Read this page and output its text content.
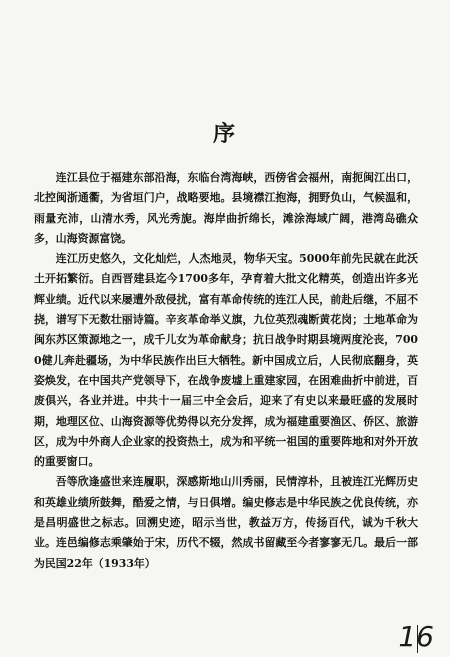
序

连江县位于福建东部沿海，东临台湾海峡，西傍省会福州，南扼闽江出口，北控闽浙通衢，为省垣门户，战略要地。县境襟江抱海，拥野负山，气候温和，雨量充沛，山清水秀，风光秀旎。海岸曲折绵长，滩涂海域广阔，港湾岛礁众多，山海资源富饶。

连江历史悠久，文化灿烂，人杰地灵，物华天宝。5000年前先民就在此沃土开拓繁衍。自西晋建县迄今1700多年，孕育着大批文化精英，创造出许多光辉业绩。近代以来屡遭外敌侵扰，富有革命传统的连江人民，前赴后继，不屈不挠，谱写下无数壮丽诗篇。辛亥革命举义旗，九位英烈魂断黄花岗；土地革命为闽东苏区策源地之一，成千儿女为革命献身；抗日战争时期县境两度沦丧，7000健儿奔赴疆场，为中华民族作出巨大牺牲。新中国成立后，人民彻底翻身，英姿焕发，在中国共产党领导下，在战争废墟上重建家园，在困难曲折中前进，百废俱兴，各业并进。中共十一届三中全会后，迎来了有史以来最旺盛的发展时期，地理区位、山海资源等优势得以充分发挥，成为福建重要渔区、侨区、旅游区，成为中外商人企业家的投资热土，成为和平统一祖国的重要阵地和对外开放的重要窗口。

吾等欣逢盛世来连履职，深感斯地山川秀丽，民情淳朴，且被连江光辉历史和英雄业绩所鼓舞，酷爱之情，与日俱增。编史修志是中华民族之优良传统，亦是昌明盛世之标志。回溯史迹，昭示当世，教益万方，传扬百代，诚为千秋大业。连邑编修志乘肇始于宋，历代不辍，然成书留藏至今者寥寥无几。最后一部为民国22年（1933年）

16
